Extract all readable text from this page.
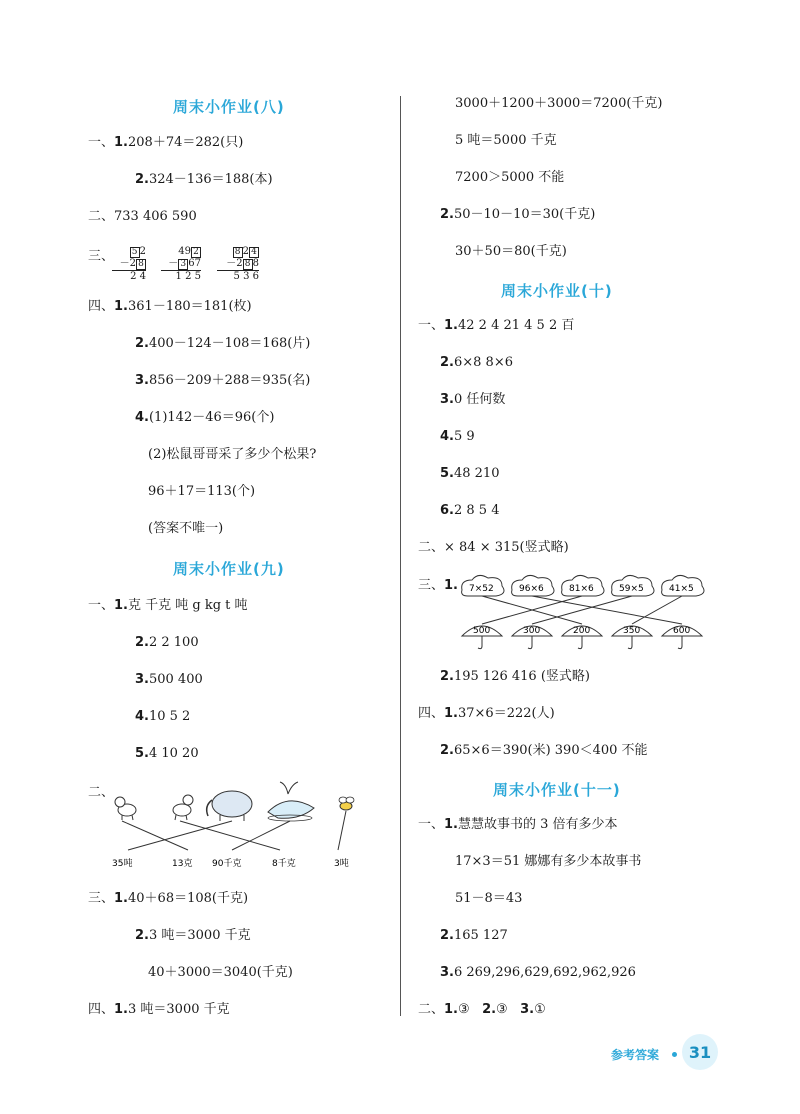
周末小作业(八)
一、1.208＋74＝282(只)
2.324－136＝188(本)
二、733 406 590
三、	5 2
－2 8
2 4
49 2
－ 3 67
1 2 5
8 2 4
－2 8 8
5 3 6
四、1.361－180＝181(枚)
2.400－124－108＝168(片)
3.856－209＋288＝935(名)
4.(1)142－46＝96(个)
(2)松鼠哥哥采了多少个松果?
96＋17＝113(个)
(答案不唯一)
周末小作业(九)
一、1.克 千克 吨 g kg t 吨
2.2 2 100
3.500 400
4.10 5 2
5.4 10 20
二、
35吨	13克 90千克	8千克	3吨
三、1.40＋68＝108(千克)
2.3 吨＝3000 千克
40＋3000＝3040(千克)
四、1.3 吨＝3000 千克
3000＋1200＋3000＝7200(千克)
5 吨＝5000 千克
7200＞5000 不能
2.50－10－10＝30(千克)
30＋50＝80(千克)
周末小作业(十)
一、1.42 2 4 21 4 5 2 百
2.6×8 8×6
3.0 任何数
4.5 9
5.48 210
6.2 8 5 4
二、× 84 × 315(竖式略)
三、1. 7×52	96×6	81×6	59×5	41×5
500	300	200	350	600
2.195 126 416 (竖式略)
四、1.37×6＝222(人)
2.65×6＝390(米) 390＜400 不能
周末小作业(十一)
一、1.慧慧故事书的 3 倍有多少本
17×3＝51 娜娜有多少本故事书
51－8＝43
2.165 127
3.6 269,296,629,692,962,926
二、1.③ 2.③ 3.①
参考答案	31
